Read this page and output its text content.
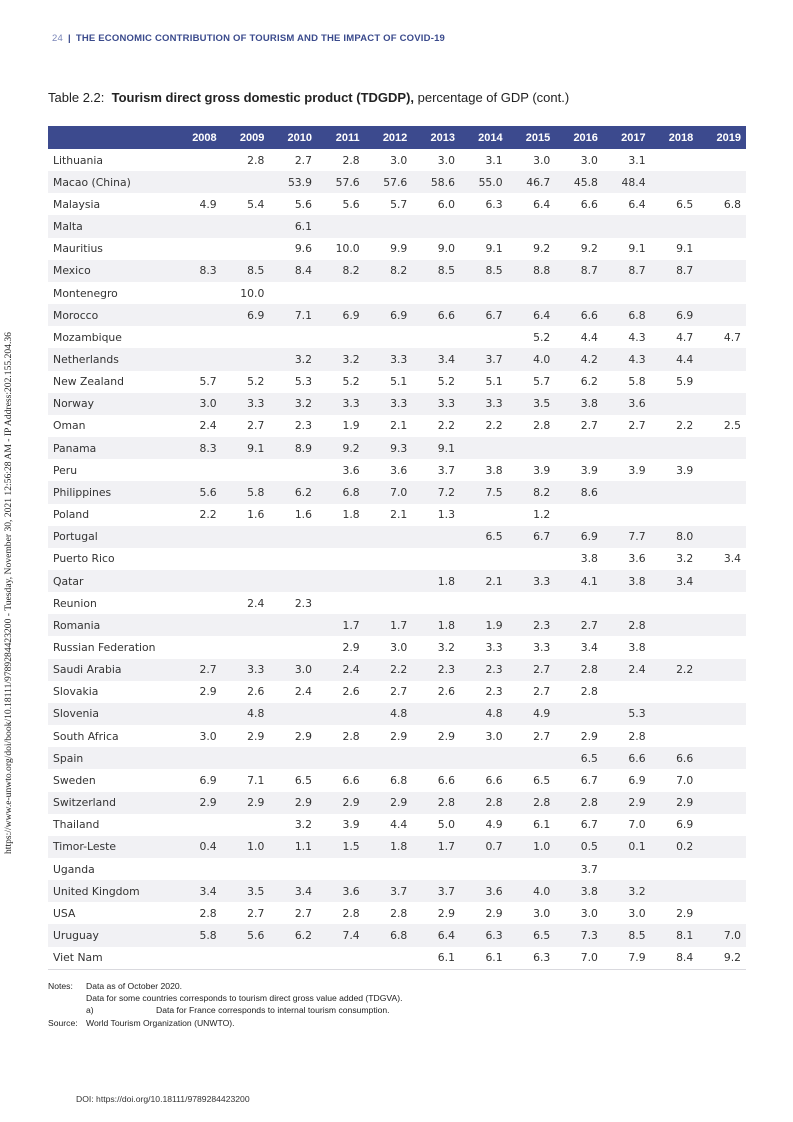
24 | THE ECONOMIC CONTRIBUTION OF TOURISM AND THE IMPACT OF COVID-19
https://www.e-unwto.org/doi/book/10.18111/9789284423200 - Tuesday, November 30, 2021 12:56:28 AM - IP Address:202.155.204.36
Table 2.2: Tourism direct gross domestic product (TDGDP), percentage of GDP (cont.)
	2008	2009	2010	2011	2012	2013	2014	2015	2016	2017	2018	2019
Lithuania		2.8	2.7	2.8	3.0	3.0	3.1	3.0	3.0	3.1		
Macao (China)			53.9	57.6	57.6	58.6	55.0	46.7	45.8	48.4		
Malaysia	4.9	5.4	5.6	5.6	5.7	6.0	6.3	6.4	6.6	6.4	6.5	6.8
Malta			6.1									
Mauritius			9.6	10.0	9.9	9.0	9.1	9.2	9.2	9.1	9.1	
Mexico	8.3	8.5	8.4	8.2	8.2	8.5	8.5	8.8	8.7	8.7	8.7	
Montenegro		10.0										
Morocco		6.9	7.1	6.9	6.9	6.6	6.7	6.4	6.6	6.8	6.9	
Mozambique								5.2	4.4	4.3	4.7	4.7
Netherlands			3.2	3.2	3.3	3.4	3.7	4.0	4.2	4.3	4.4	
New Zealand	5.7	5.2	5.3	5.2	5.1	5.2	5.1	5.7	6.2	5.8	5.9	
Norway	3.0	3.3	3.2	3.3	3.3	3.3	3.3	3.5	3.8	3.6		
Oman	2.4	2.7	2.3	1.9	2.1	2.2	2.2	2.8	2.7	2.7	2.2	2.5
Panama	8.3	9.1	8.9	9.2	9.3	9.1						
Peru				3.6	3.6	3.7	3.8	3.9	3.9	3.9	3.9	
Philippines	5.6	5.8	6.2	6.8	7.0	7.2	7.5	8.2	8.6			
Poland	2.2	1.6	1.6	1.8	2.1	1.3		1.2				
Portugal							6.5	6.7	6.9	7.7	8.0	
Puerto Rico									3.8	3.6	3.2	3.4
Qatar						1.8	2.1	3.3	4.1	3.8	3.4	
Reunion		2.4	2.3									
Romania				1.7	1.7	1.8	1.9	2.3	2.7	2.8		
Russian Federation				2.9	3.0	3.2	3.3	3.3	3.4	3.8		
Saudi Arabia	2.7	3.3	3.0	2.4	2.2	2.3	2.3	2.7	2.8	2.4	2.2	
Slovakia	2.9	2.6	2.4	2.6	2.7	2.6	2.3	2.7	2.8			
Slovenia		4.8			4.8		4.8	4.9		5.3		
South Africa	3.0	2.9	2.9	2.8	2.9	2.9	3.0	2.7	2.9	2.8		
Spain									6.5	6.6	6.6	
Sweden	6.9	7.1	6.5	6.6	6.8	6.6	6.6	6.5	6.7	6.9	7.0	
Switzerland	2.9	2.9	2.9	2.9	2.9	2.8	2.8	2.8	2.8	2.9	2.9	
Thailand			3.2	3.9	4.4	5.0	4.9	6.1	6.7	7.0	6.9	
Timor-Leste	0.4	1.0	1.1	1.5	1.8	1.7	0.7	1.0	0.5	0.1	0.2	
Uganda									3.7			
United Kingdom	3.4	3.5	3.4	3.6	3.7	3.7	3.6	4.0	3.8	3.2		
USA	2.8	2.7	2.7	2.8	2.8	2.9	2.9	3.0	3.0	3.0	2.9	
Uruguay	5.8	5.6	6.2	7.4	6.8	6.4	6.3	6.5	7.3	8.5	8.1	7.0
Viet Nam						6.1	6.1	6.3	7.0	7.9	8.4	9.2
Notes: Data as of October 2020.
Data for some countries corresponds to tourism direct gross value added (TDGVA).
a)	Data for France corresponds to internal tourism consumption.
Source: World Tourism Organization (UNWTO).
DOI: https://doi.org/10.18111/9789284423200
